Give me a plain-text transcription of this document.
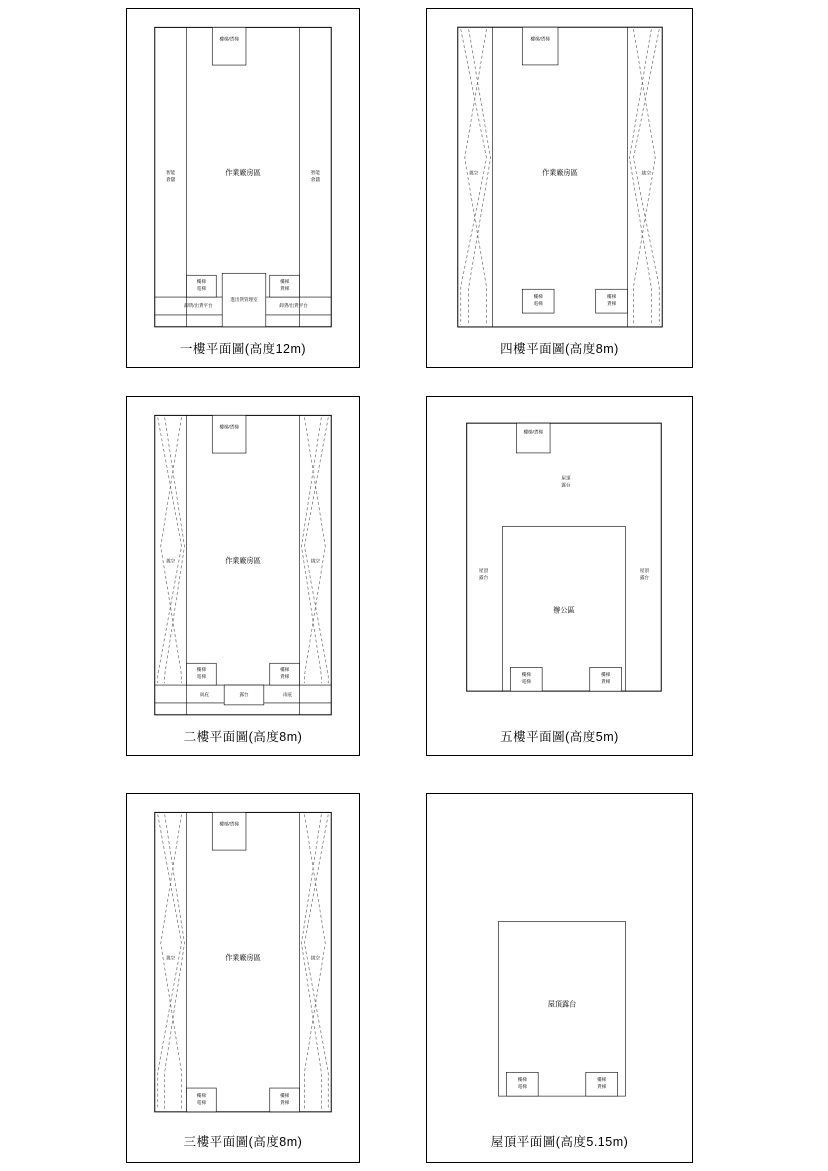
樓梯/貨梯
智能倉儲
智能倉儲
作業廠房區
樓梯電梯
樓梯貨梯
進出貨管理室
卸貨/出貨平台	卸貨/出貨平台
一樓平面圖(高度12m)
樓梯/貨梯
挑空	挑空
作業廠房區
樓梯電梯
樓梯貨梯
四樓平面圖(高度8m)
樓梯/貨梯
挑空	挑空
作業廠房區
樓梯電梯
樓梯貨梯
露台
雨庇	雨庇
二樓平面圖(高度8m)
樓梯/貨梯
屋頂露台
屋頂露台
屋頂露台
辦公區
樓梯電梯
樓梯貨梯
五樓平面圖(高度5m)
樓梯/貨梯
挑空	挑空
作業廠房區
樓梯電梯
樓梯貨梯
三樓平面圖(高度8m)
屋頂露台
樓梯電梯
樓梯貨梯
屋頂平面圖(高度5.15m)
